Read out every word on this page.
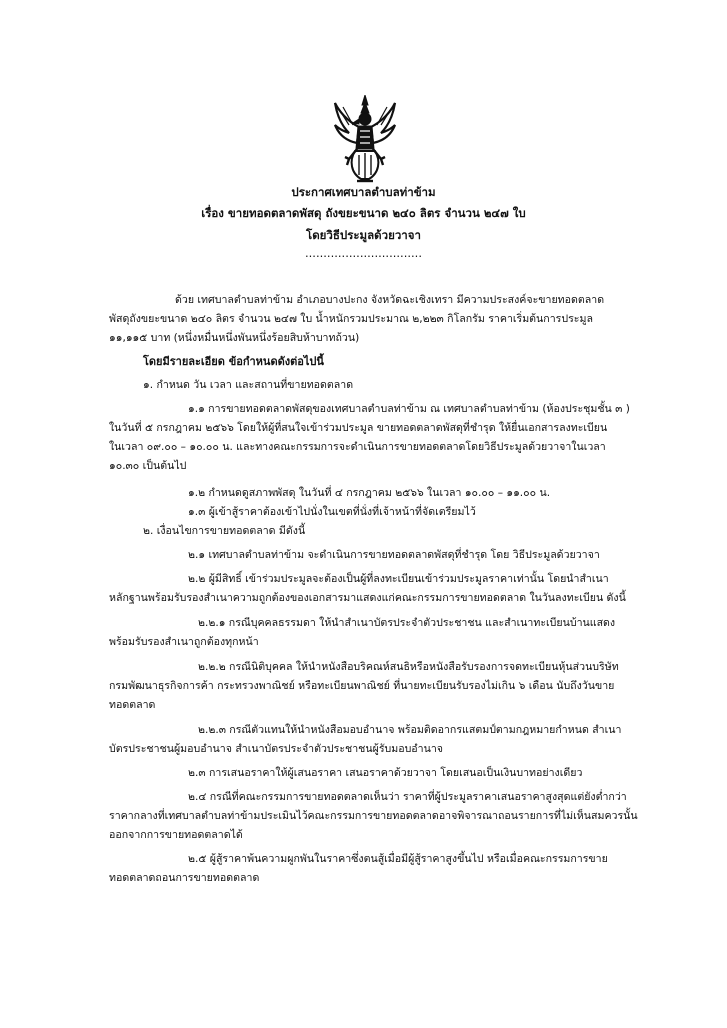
ประกาศเทศบาลตำบลท่าข้าม
เรื่อง ขายทอดตลาดพัสดุ ถังขยะขนาด ๒๔๐ ลิตร จำนวน ๒๔๗ ใบ
โดยวิธีประมูลด้วยวาจา
................................
ด้วย เทศบาลตำบลท่าข้าม อำเภอบางปะกง จังหวัดฉะเชิงเทรา มีความประสงค์จะขายทอดตลาด
พัสดุถังขยะขนาด ๒๔๐ ลิตร จำนวน ๒๔๗ ใบ น้ำหนักรวมประมาณ ๒,๒๒๓ กิโลกรัม ราคาเริ่มต้นการประมูล
๑๑,๑๑๕ บาท (หนึ่งหมื่นหนึ่งพันหนึ่งร้อยสิบห้าบาทถ้วน)
โดยมีรายละเอียด ข้อกำหนดดังต่อไปนี้
๑. กำหนด วัน เวลา และสถานที่ขายทอดตลาด
๑.๑ การขายทอดตลาดพัสดุของเทศบาลตำบลท่าข้าม ณ เทศบาลตำบลท่าข้าม (ห้องประชุมชั้น ๓ )
ในวันที่ ๕ กรกฎาคม ๒๕๖๖ โดยให้ผู้ที่สนใจเข้าร่วมประมูล ขายทอดตลาดพัสดุที่ชำรุด ให้ยื่นเอกสารลงทะเบียน
ในเวลา ๐๙.๐๐ – ๑๐.๐๐ น. และทางคณะกรรมการจะดำเนินการขายทอดตลาดโดยวิธีประมูลด้วยวาจาในเวลา
๑๐.๓๐ เป็นต้นไป
๑.๒ กำหนดดูสภาพพัสดุ ในวันที่ ๔ กรกฎาคม ๒๕๖๖ ในเวลา ๑๐.๐๐ – ๑๑.๐๐ น.
๑.๓ ผู้เข้าสู้ราคาต้องเข้าไปนั่งในเขตที่นั่งที่เจ้าหน้าที่จัดเตรียมไว้
๒. เงื่อนไขการขายทอดตลาด มีดังนี้
๒.๑ เทศบาลตำบลท่าข้าม จะดำเนินการขายทอดตลาดพัสดุที่ชำรุด โดย วิธีประมูลด้วยวาจา
๒.๒ ผู้มีสิทธิ์ เข้าร่วมประมูลจะต้องเป็นผู้ที่ลงทะเบียนเข้าร่วมประมูลราคาเท่านั้น โดยนำสำเนา
หลักฐานพร้อมรับรองสำเนาความถูกต้องของเอกสารมาแสดงแก่คณะกรรมการขายทอดตลาด ในวันลงทะเบียน ดังนี้
๒.๒.๑ กรณีบุคคลธรรมดา ให้นำสำเนาบัตรประจำตัวประชาชน และสำเนาทะเบียนบ้านแสดง
พร้อมรับรองสำเนาถูกต้องทุกหน้า
๒.๒.๒ กรณีนิติบุคคล ให้นำหนังสือบริคณห์สนธิหรือหนังสือรับรองการจดทะเบียนหุ้นส่วนบริษัท
กรมพัฒนาธุรกิจการค้า กระทรวงพาณิชย์ หรือทะเบียนพาณิชย์ ที่นายทะเบียนรับรองไม่เกิน ๖ เดือน นับถึงวันขาย
ทอดตลาด
๒.๒.๓ กรณีตัวแทนให้นำหนังสือมอบอำนาจ พร้อมติดอากรแสตมป์ตามกฎหมายกำหนด สำเนา
บัตรประชาชนผู้มอบอำนาจ สำเนาบัตรประจำตัวประชาชนผู้รับมอบอำนาจ
๒.๓ การเสนอราคาให้ผู้เสนอราคา เสนอราคาด้วยวาจา โดยเสนอเป็นเงินบาทอย่างเดียว
๒.๔ กรณีที่คณะกรรมการขายทอดตลาดเห็นว่า ราคาที่ผู้ประมูลราคาเสนอราคาสูงสุดแต่ยังต่ำกว่า
ราคากลางที่เทศบาลตำบลท่าข้ามประเมินไว้คณะกรรมการขายทอดตลาดอาจพิจารณาถอนรายการที่ไม่เห็นสมควรนั้น
ออกจากการขายทอดตลาดได้
๒.๕ ผู้สู้ราคาพ้นความผูกพันในราคาซึ่งตนสู้เมื่อมีผู้สู้ราคาสูงขึ้นไป หรือเมื่อคณะกรรมการขาย
ทอดตลาดถอนการขายทอดตลาด
